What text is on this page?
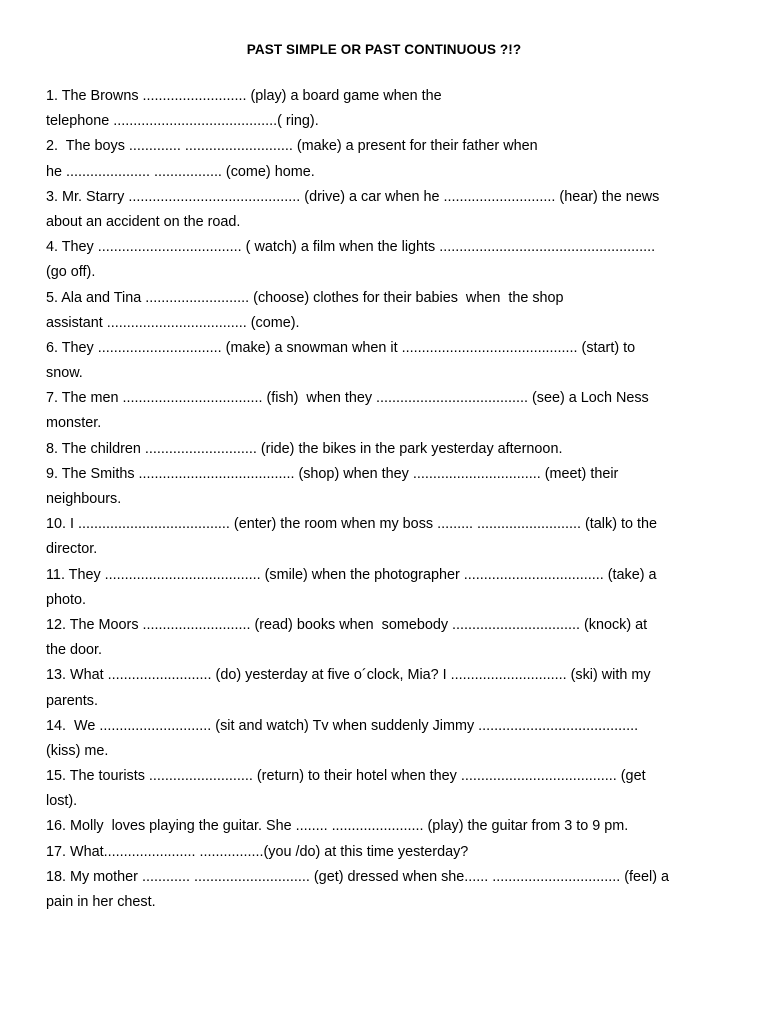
PAST SIMPLE OR PAST CONTINUOUS ?!?
1. The Browns .......................... (play) a board game when the
telephone .........................................( ring).
2.  The boys ............. ........................... (make) a present for their father when
he ..................... ................. (come) home.
3. Mr. Starry ........................................... (drive) a car when he ............................ (hear) the news
about an accident on the road.
4. They .................................... ( watch) a film when the lights ......................................................
(go off).
5. Ala and Tina .......................... (choose) clothes for their babies  when  the shop
assistant ................................... (come).
6. They ............................... (make) a snowman when it ............................................ (start) to
snow.
7. The men ................................... (fish)  when they ...................................... (see) a Loch Ness
monster.
8. The children ............................ (ride) the bikes in the park yesterday afternoon.
9. The Smiths ....................................... (shop) when they ................................ (meet) their
neighbours.
10. I ...................................... (enter) the room when my boss ......... .......................... (talk) to the
director.
11. They ....................................... (smile) when the photographer ................................... (take) a
photo.
12. The Moors ........................... (read) books when  somebody ................................ (knock) at
the door.
13. What .......................... (do) yesterday at five o´clock, Mia? I ............................. (ski) with my
parents.
14.  We ............................ (sit and watch) Tv when suddenly Jimmy ........................................
(kiss) me.
15. The tourists .......................... (return) to their hotel when they ....................................... (get
lost).
16. Molly  loves playing the guitar. She ........ ....................... (play) the guitar from 3 to 9 pm.
17. What....................... ................(you /do) at this time yesterday?
18. My mother ............ ............................. (get) dressed when she...... ................................ (feel) a
pain in her chest.
